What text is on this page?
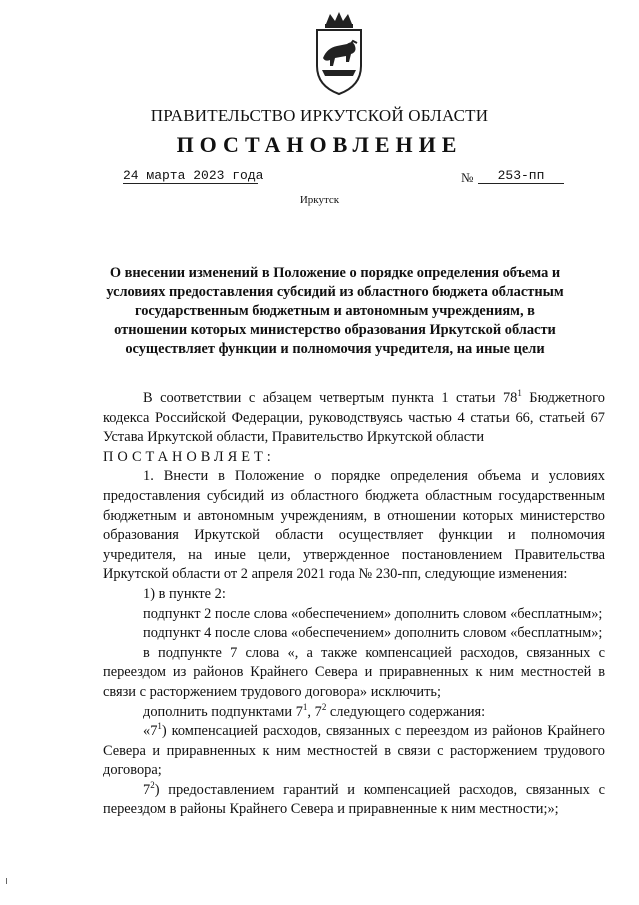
ПРАВИТЕЛЬСТВО ИРКУТСКОЙ ОБЛАСТИ
ПОСТАНОВЛЕНИЕ
24 марта 2023 года	№	253-пп
Иркутск
О внесении изменений в Положение о порядке определения объема и
условиях предоставления субсидий из областного бюджета областным
государственным бюджетным и автономным учреждениям, в
отношении которых министерство образования Иркутской области
осуществляет функции и полномочия учредителя, на иные цели

В соответствии с абзацем четвертым пункта 1 статьи $78^1$ Бюджетного кодекса Российской Федерации, руководствуясь частью 4 статьи 66, статьей 67 Устава Иркутской области, Правительство Иркутской области

ПОСТАНОВЛЯЕТ:

1. Внести в Положение о порядке определения объема и условиях предоставления субсидий из областного бюджета областным государственным бюджетным и автономным учреждениям, в отношении которых министерство образования Иркутской области осуществляет функции и полномочия учредителя, на иные цели, утвержденное постановлением Правительства Иркутской области от 2 апреля 2021 года № 230-пп, следующие изменения:

1) в пункте 2:

подпункт 2 после слова «обеспечением» дополнить словом «бесплатным»;

подпункт 4 после слова «обеспечением» дополнить словом «бесплатным»;

в подпункте 7 слова «, а также компенсацией расходов, связанных с переездом из районов Крайнего Севера и приравненных к ним местностей в связи с расторжением трудового договора» исключить;

дополнить подпунктами $7^1$, $7^2$ следующего содержания:

«$7^1$) компенсацией расходов, связанных с переездом из районов Крайнего Севера и приравненных к ним местностей в связи с расторжением трудового договора;

$7^2$) предоставлением гарантий и компенсацией расходов, связанных с переездом в районы Крайнего Севера и приравненные к ним местности;»;
